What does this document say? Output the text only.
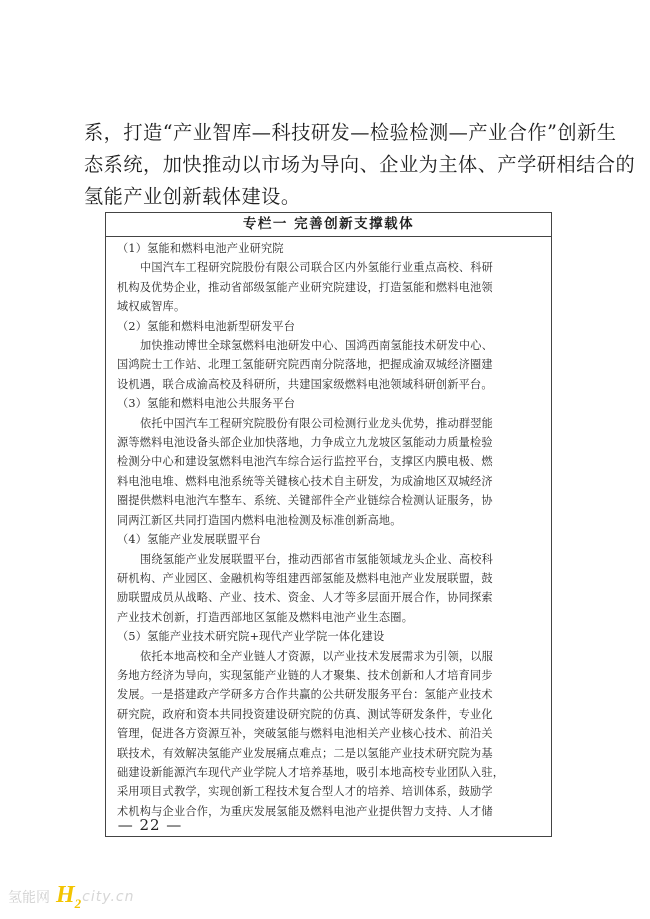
系，打造“产业智库—科技研发—检验检测—产业合作”创新生
态系统，加快推动以市场为导向、企业为主体、产学研相结合的
氢能产业创新载体建设。
专栏一 完善创新支撑载体
（1）氢能和燃料电池产业研究院
中国汽车工程研究院股份有限公司联合区内外氢能行业重点高校、科研
机构及优势企业，推动省部级氢能产业研究院建设，打造氢能和燃料电池领
域权威智库。
（2）氢能和燃料电池新型研发平台
加快推动博世全球氢燃料电池研发中心、国鸿西南氢能技术研发中心、
国鸿院士工作站、北理工氢能研究院西南分院落地，把握成渝双城经济圈建
设机遇，联合成渝高校及科研所，共建国家级燃料电池领域科研创新平台。
（3）氢能和燃料电池公共服务平台
依托中国汽车工程研究院股份有限公司检测行业龙头优势，推动群翌能
源等燃料电池设备头部企业加快落地，力争成立九龙坡区氢能动力质量检验
检测分中心和建设氢燃料电池汽车综合运行监控平台，支撑区内膜电极、燃
料电池电堆、燃料电池系统等关键核心技术自主研发，为成渝地区双城经济
圈提供燃料电池汽车整车、系统、关键部件全产业链综合检测认证服务，协
同两江新区共同打造国内燃料电池检测及标准创新高地。
（4）氢能产业发展联盟平台
围绕氢能产业发展联盟平台，推动西部省市氢能领域龙头企业、高校科
研机构、产业园区、金融机构等组建西部氢能及燃料电池产业发展联盟，鼓
励联盟成员从战略、产业、技术、资金、人才等多层面开展合作，协同探索
产业技术创新，打造西部地区氢能及燃料电池产业生态圈。
（5）氢能产业技术研究院+现代产业学院一体化建设
依托本地高校和全产业链人才资源，以产业技术发展需求为引领，以服
务地方经济为导向，实现氢能产业链的人才聚集、技术创新和人才培育同步
发展。一是搭建政产学研多方合作共赢的公共研发服务平台：氢能产业技术
研究院，政府和资本共同投资建设研究院的仿真、测试等研发条件，专业化
管理，促进各方资源互补，突破氢能与燃料电池相关产业核心技术、前沿关
联技术，有效解决氢能产业发展痛点难点；二是以氢能产业技术研究院为基
础建设新能源汽车现代产业学院人才培养基地，吸引本地高校专业团队入驻，
采用项目式教学，实现创新工程技术复合型人才的培养、培训体系，鼓励学
术机构与企业合作，为重庆发展氢能及燃料电池产业提供智力支持、人才储
— 22 —
氢能网 $H_2$ city.cn
